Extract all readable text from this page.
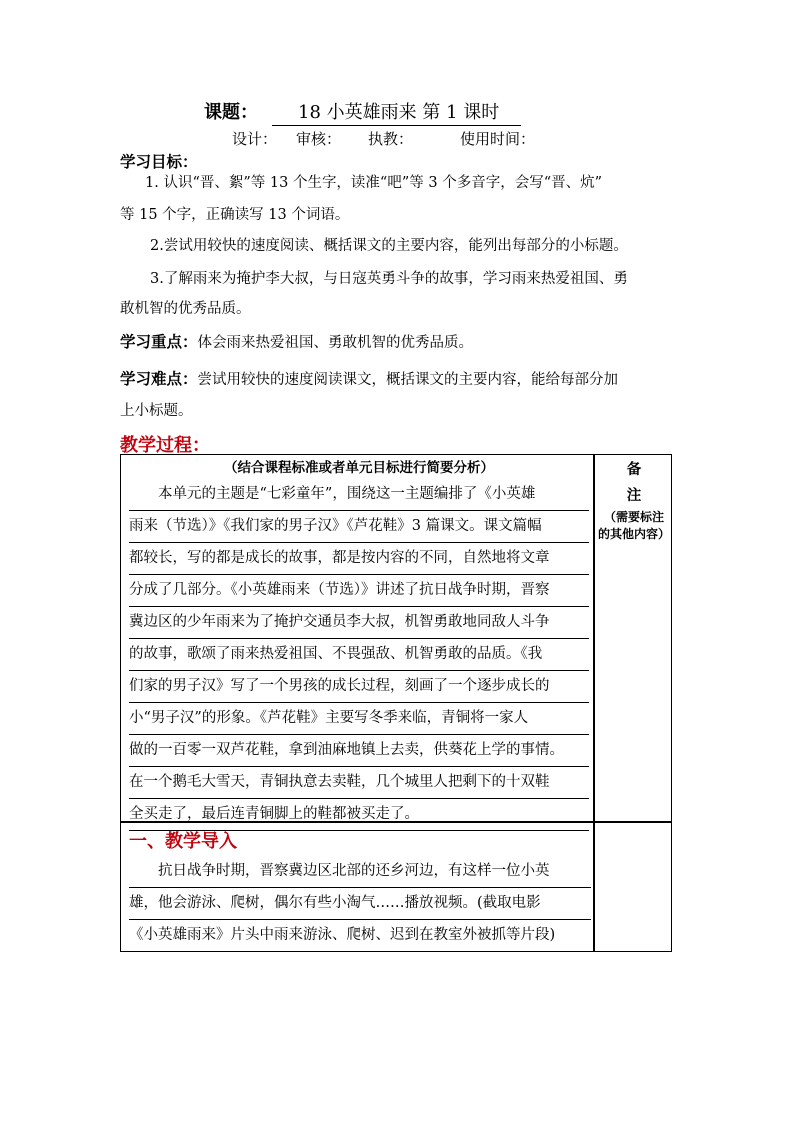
课题： 18 小英雄雨来 第 1 课时
设计： 审核： 执教：	使用时间：
学习目标：
1. 认识“晋、絮”等 13 个生字，读准“吧”等 3 个多音字，会写“晋、炕”
等 15 个字，正确读写 13 个词语。
2.尝试用较快的速度阅读、概括课文的主要内容，能列出每部分的小标题。
3.了解雨来为掩护李大叔，与日寇英勇斗争的故事，学习雨来热爱祖国、勇
敢机智的优秀品质。
学习重点：体会雨来热爱祖国、勇敢机智的优秀品质。
学习难点：尝试用较快的速度阅读课文，概括课文的主要内容，能给每部分加
上小标题。
教学过程：
（结合课程标准或者单元目标进行简要分析）
　　本单元的主题是“七彩童年”，围绕这一主题编排了《小英雄
雨来（节选）》《我们家的男子汉》《芦花鞋》3 篇课文。课文篇幅
都较长，写的都是成长的故事，都是按内容的不同，自然地将文章
分成了几部分。《小英雄雨来（节选）》讲述了抗日战争时期，晋察
冀边区的少年雨来为了掩护交通员李大叔，机智勇敢地同敌人斗争
的故事，歌颂了雨来热爱祖国、不畏强敌、机智勇敢的品质。《我
们家的男子汉》写了一个男孩的成长过程，刻画了一个逐步成长的
小“男子汉”的形象。《芦花鞋》主要写冬季来临，青铜将一家人
做的一百零一双芦花鞋，拿到油麻地镇上去卖，供葵花上学的事情。
在一个鹅毛大雪天，青铜执意去卖鞋，几个城里人把剩下的十双鞋
全买走了，最后连青铜脚上的鞋都被买走了。
备
注
（需要标注
的其他内容）
一、教学导入
　　抗日战争时期，晋察冀边区北部的还乡河边，有这样一位小英
雄，他会游泳、爬树，偶尔有些小淘气……播放视频。(截取电影
《小英雄雨来》片头中雨来游泳、爬树、迟到在教室外被抓等片段)
